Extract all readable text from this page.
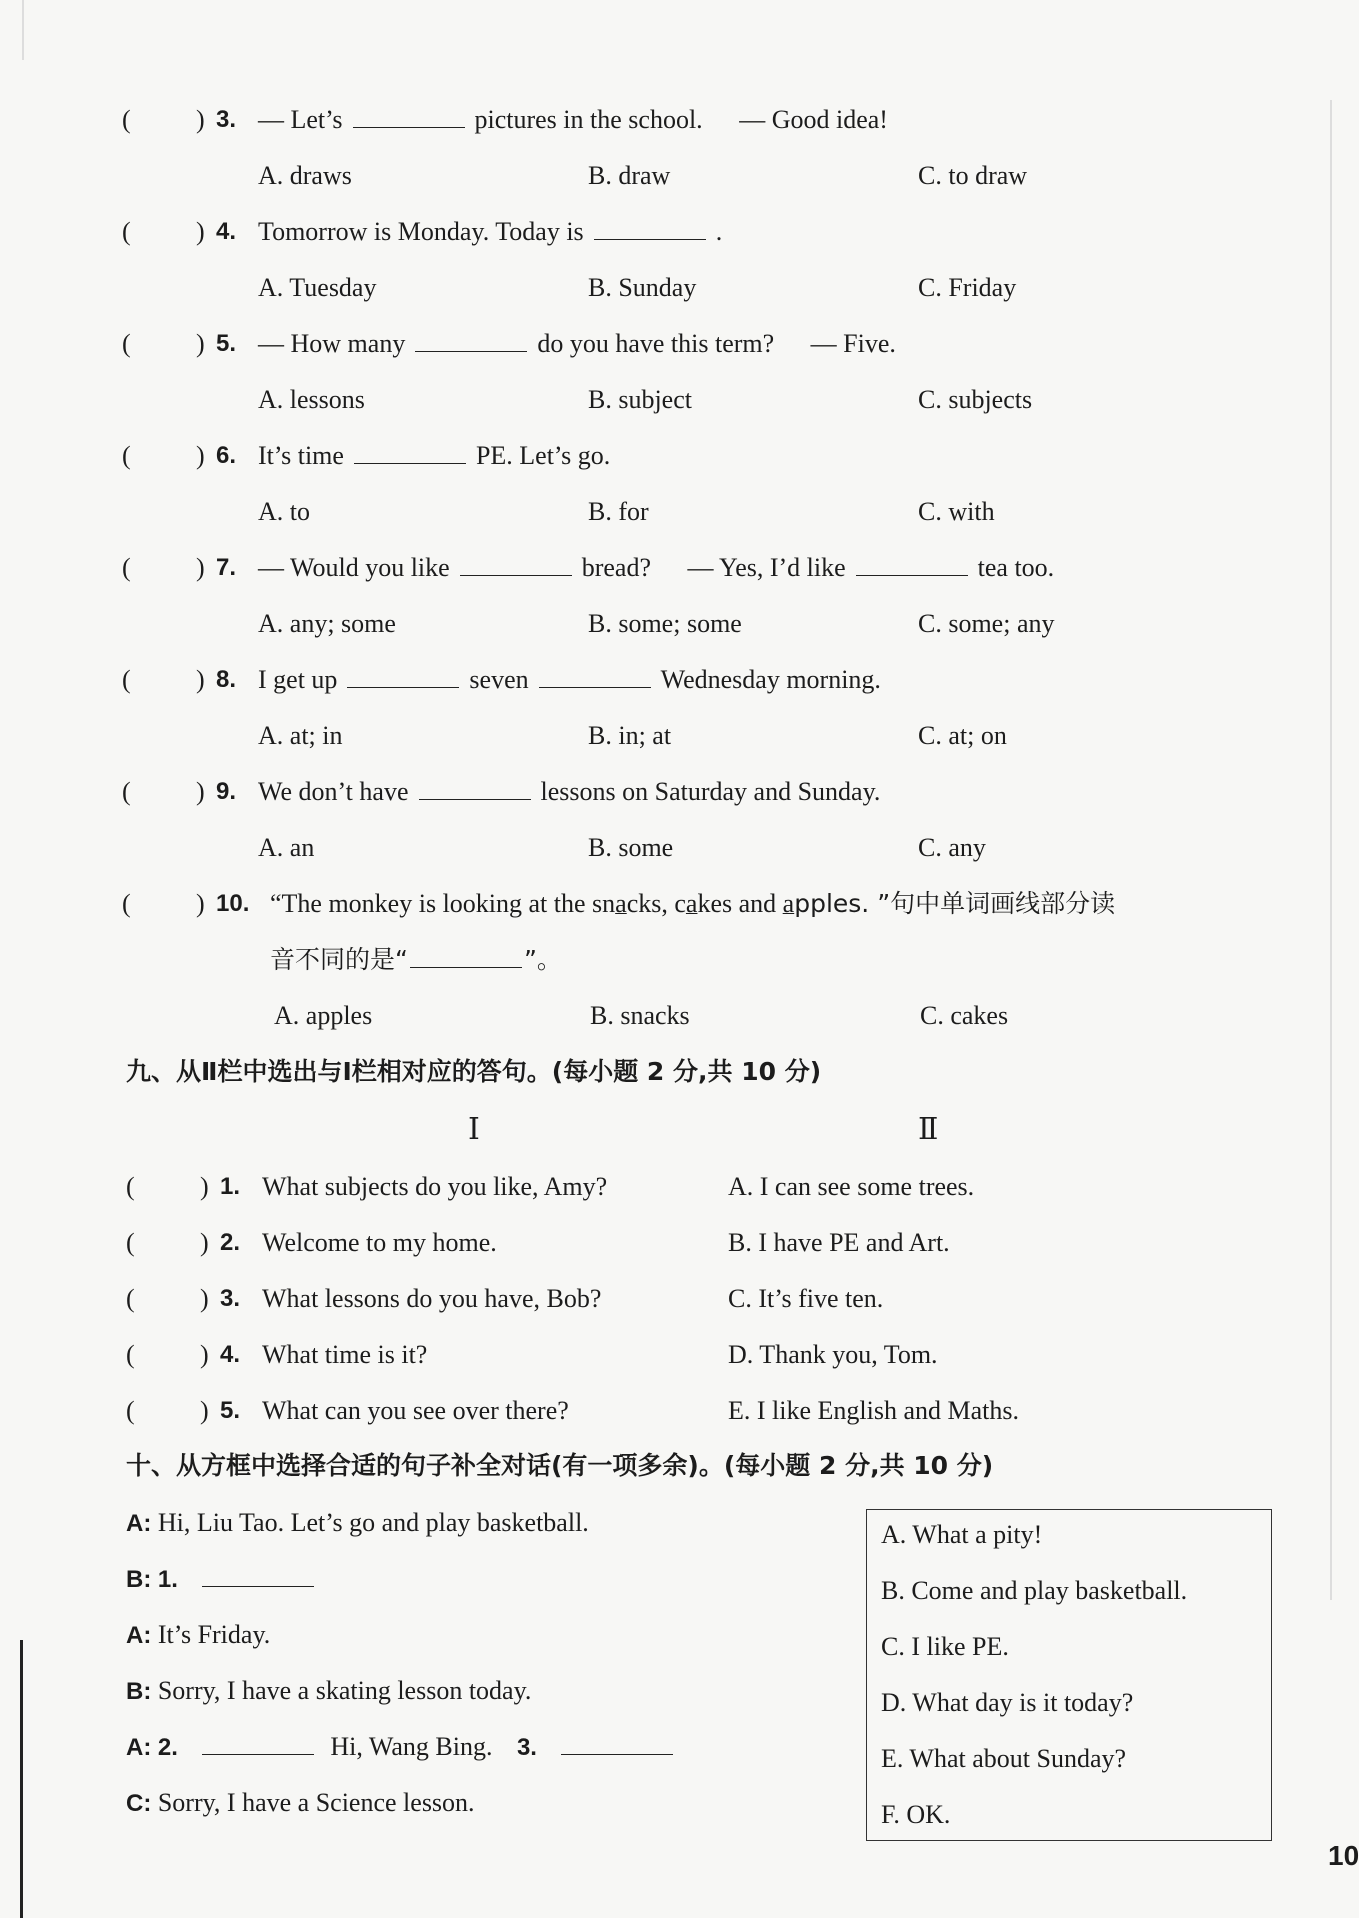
(	) 3. — Let’s	pictures in the school. — Good idea!
A. draws	B. draw	C. to draw
(	) 4. Tomorrow is Monday. Today is	.
A. Tuesday	B. Sunday	C. Friday
(	) 5. — How many	do you have this term? — Five.
A. lessons	B. subject	C. subjects
(	) 6. It’s time	PE. Let’s go.
A. to	B. for	C. with
(	) 7. — Would you like	bread? — Yes, I’d like	tea too.
A. any; some	B. some; some	C. some; any
(	) 8. I get up	seven	Wednesday morning.
A. at; in	B. in; at	C. at; on
(	) 9. We don’t have	lessons on Saturday and Sunday.
A. an	B. some	C. any
(	) 10. “The monkey is looking at the snacks, cakes and apples. ”句中单词画线部分读
音不同的是“	”。
A. apples	B. snacks	C. cakes
九、从Ⅱ栏中选出与Ⅰ栏相对应的答句。(每小题 2 分,共 10 分)
Ⅰ	Ⅱ
(	) 1. What subjects do you like, Amy?	A. I can see some trees.
(	) 2. Welcome to my home.	B. I have PE and Art.
(	) 3. What lessons do you have, Bob?	C. It’s five ten.
(	) 4. What time is it?	D. Thank you, Tom.
(	) 5. What can you see over there?	E. I like English and Maths.
十、从方框中选择合适的句子补全对话(有一项多余)。(每小题 2 分,共 10 分)
A: Hi, Liu Tao. Let’s go and play basketball.
B: 1.
A: It’s Friday.
B: Sorry, I have a skating lesson today.
A: 2.	Hi, Wang Bing. 3.
C: Sorry, I have a Science lesson.
A. What a pity!
B. Come and play basketball.
C. I like PE.
D. What day is it today?
E. What about Sunday?
F. OK.
10
